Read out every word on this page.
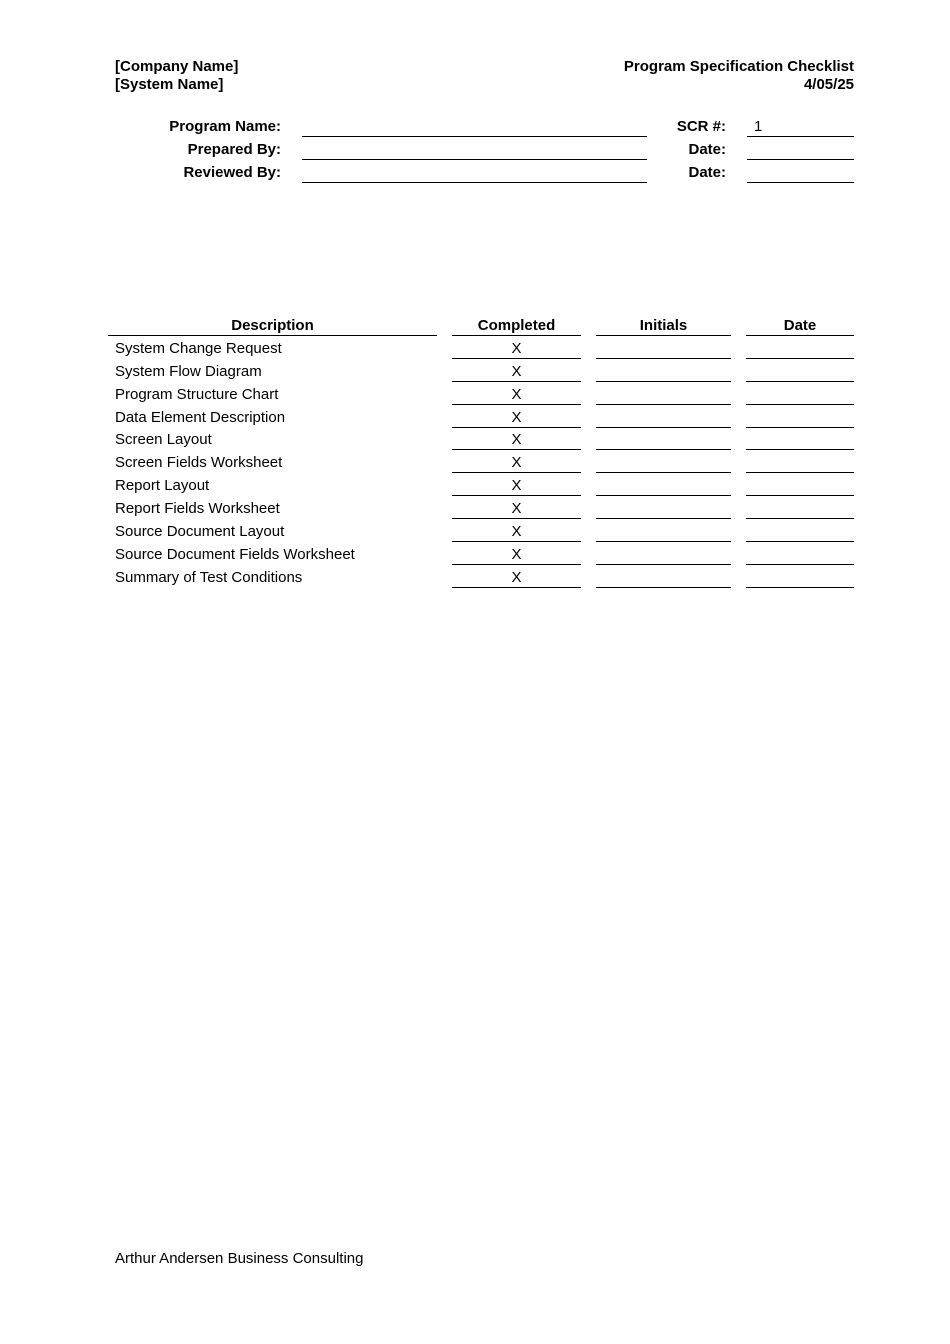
[Company Name]
[System Name]
Program Specification Checklist
4/05/25
Program Name:
Prepared By:
Reviewed By:
SCR #: 1
Date:
Date:
Description	Completed	Initials	Date
System Change Request	X
System Flow Diagram	X
Program Structure Chart	X
Data Element Description	X
Screen Layout	X
Screen Fields Worksheet	X
Report Layout	X
Report Fields Worksheet	X
Source Document Layout	X
Source Document Fields Worksheet	X
Summary of Test Conditions	X
Arthur Andersen Business Consulting
